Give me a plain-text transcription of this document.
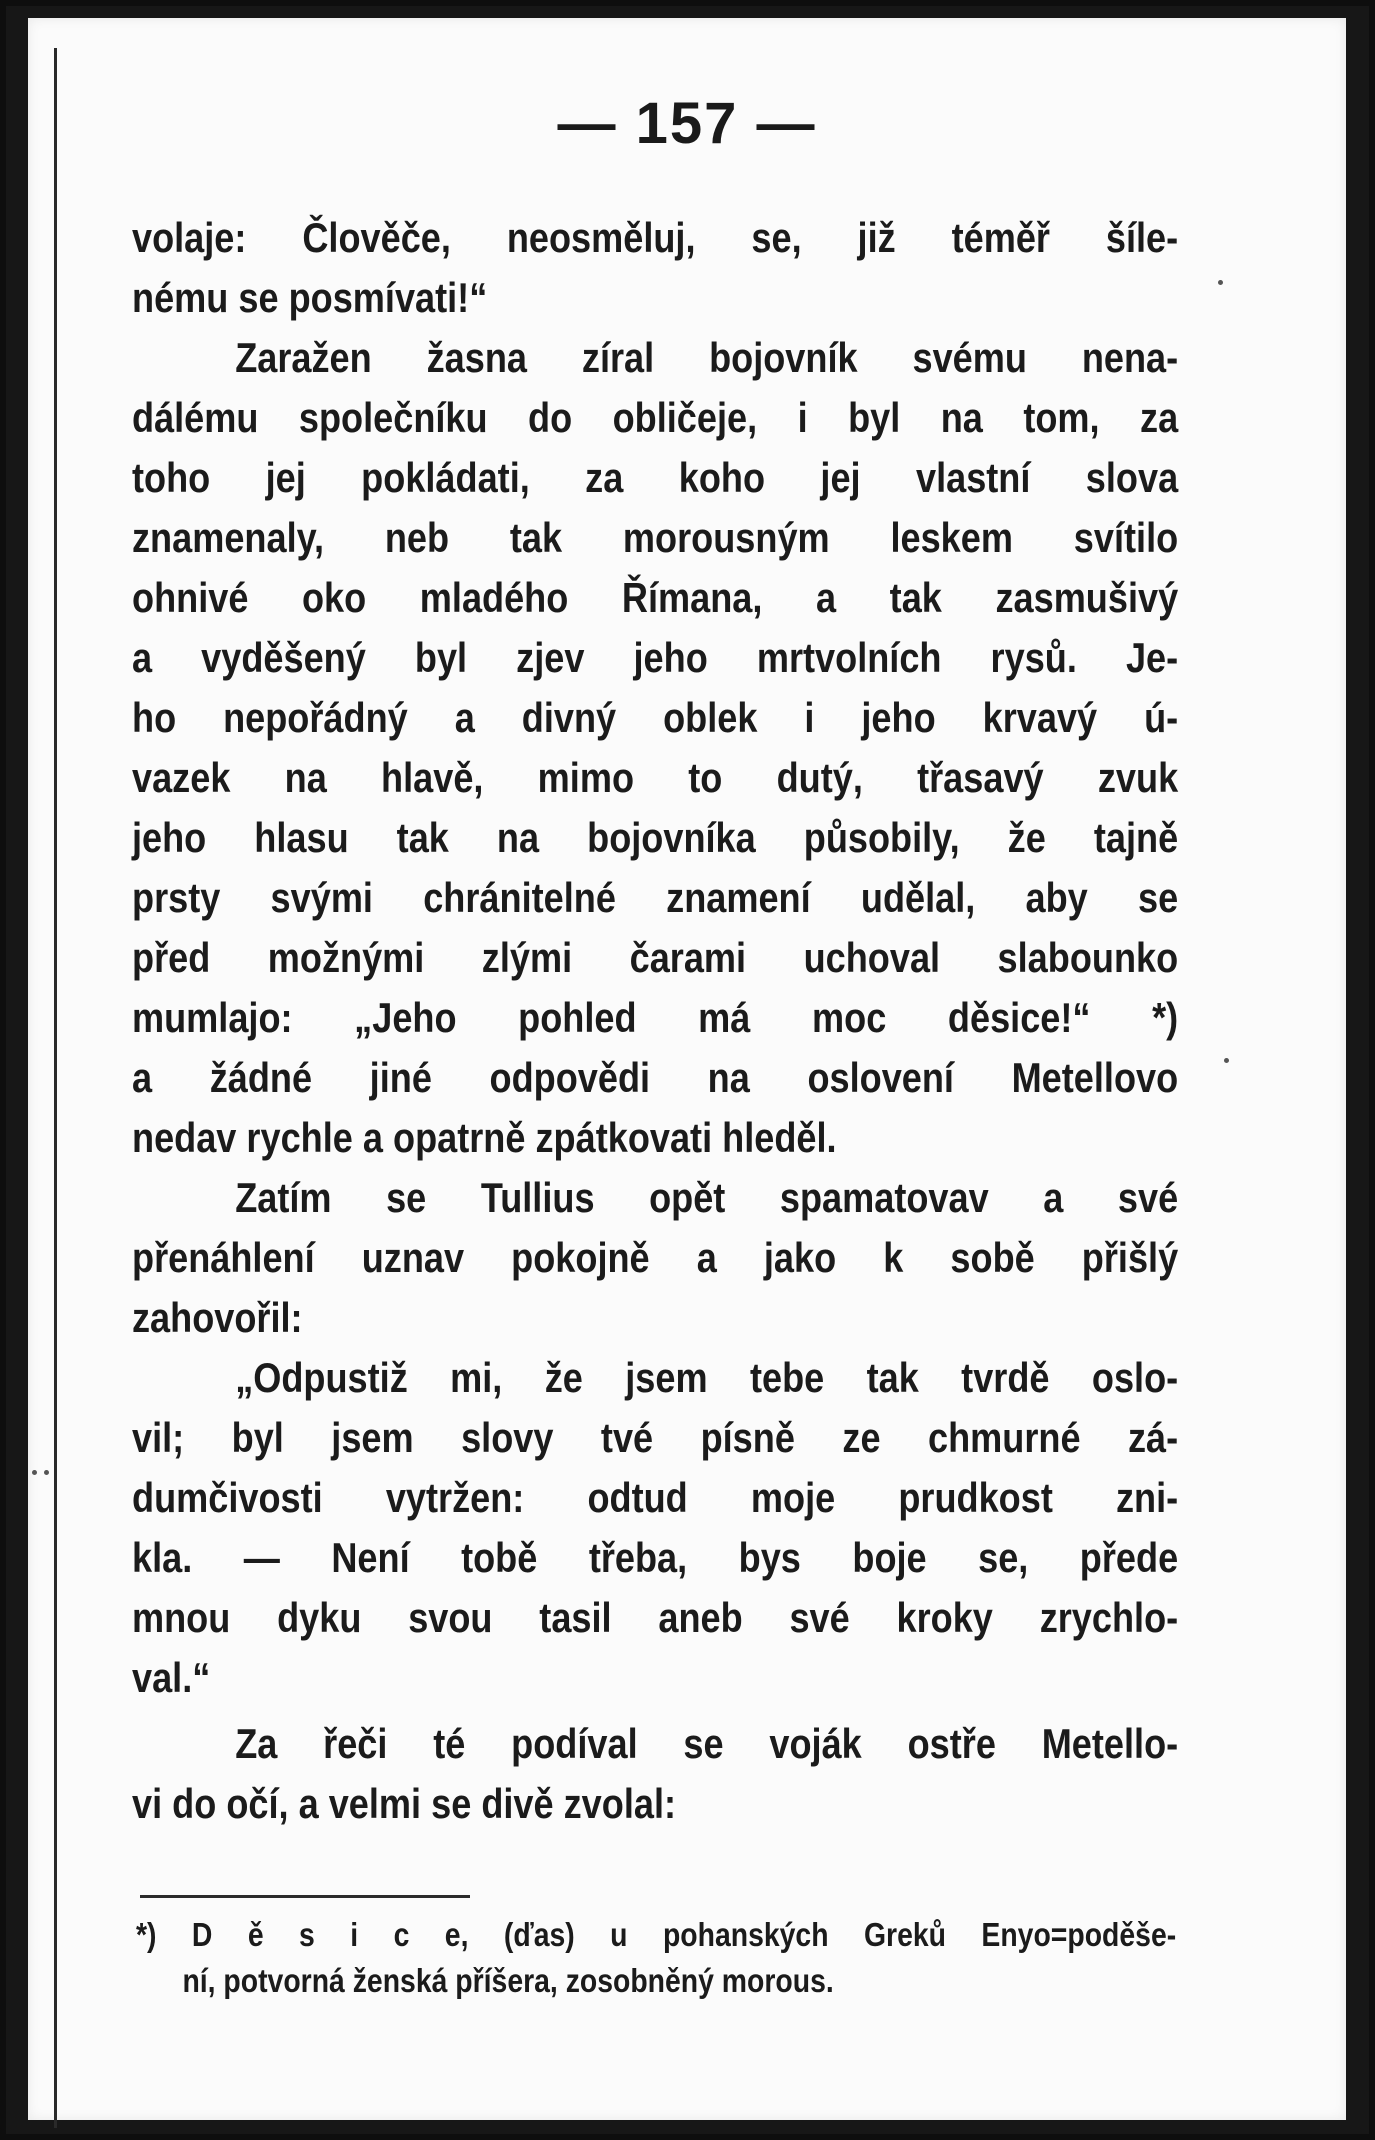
— 157 —
volaje: Člověče, neosměluj, se, již téměř šíle-
nému se posmívati!“
Zaražen žasna zíral bojovník svému nena-
dálému společníku do obličeje, i byl na tom, za
toho jej pokládati, za koho jej vlastní slova
znamenaly, neb tak morousným leskem svítilo
ohnivé oko mladého Římana, a tak zasmušivý
a vyděšený byl zjev jeho mrtvolních rysů. Je-
ho nepořádný a divný oblek i jeho krvavý ú-
vazek na hlavě, mimo to dutý, třasavý zvuk
jeho hlasu tak na bojovníka působily, že tajně
prsty svými chránitelné znamení udělal, aby se
před možnými zlými čarami uchoval slabounko
mumlajo: „Jeho pohled má moc děsice!“ *)
a žádné jiné odpovědi na oslovení Metellovo
nedav rychle a opatrně zpátkovati hleděl.
Zatím se Tullius opět spamatovav a své
přenáhlení uznav pokojně a jako k sobě přišlý
zahovořil:
„Odpustiž mi, že jsem tebe tak tvrdě oslo-
vil; byl jsem slovy tvé písně ze chmurné zá-
dumčivosti vytržen: odtud moje prudkost zni-
kla. — Není tobě třeba, bys boje se, přede
mnou dyku svou tasil aneb své kroky zrychlo-
val.“
Za řeči té podíval se voják ostře Metello-
vi do očí, a velmi se divě zvolal:
*) D ě s i c e, (ďas) u pohanských Greků Enyo=poděše-
ní, potvorná ženská příšera, zosobněný morous.
